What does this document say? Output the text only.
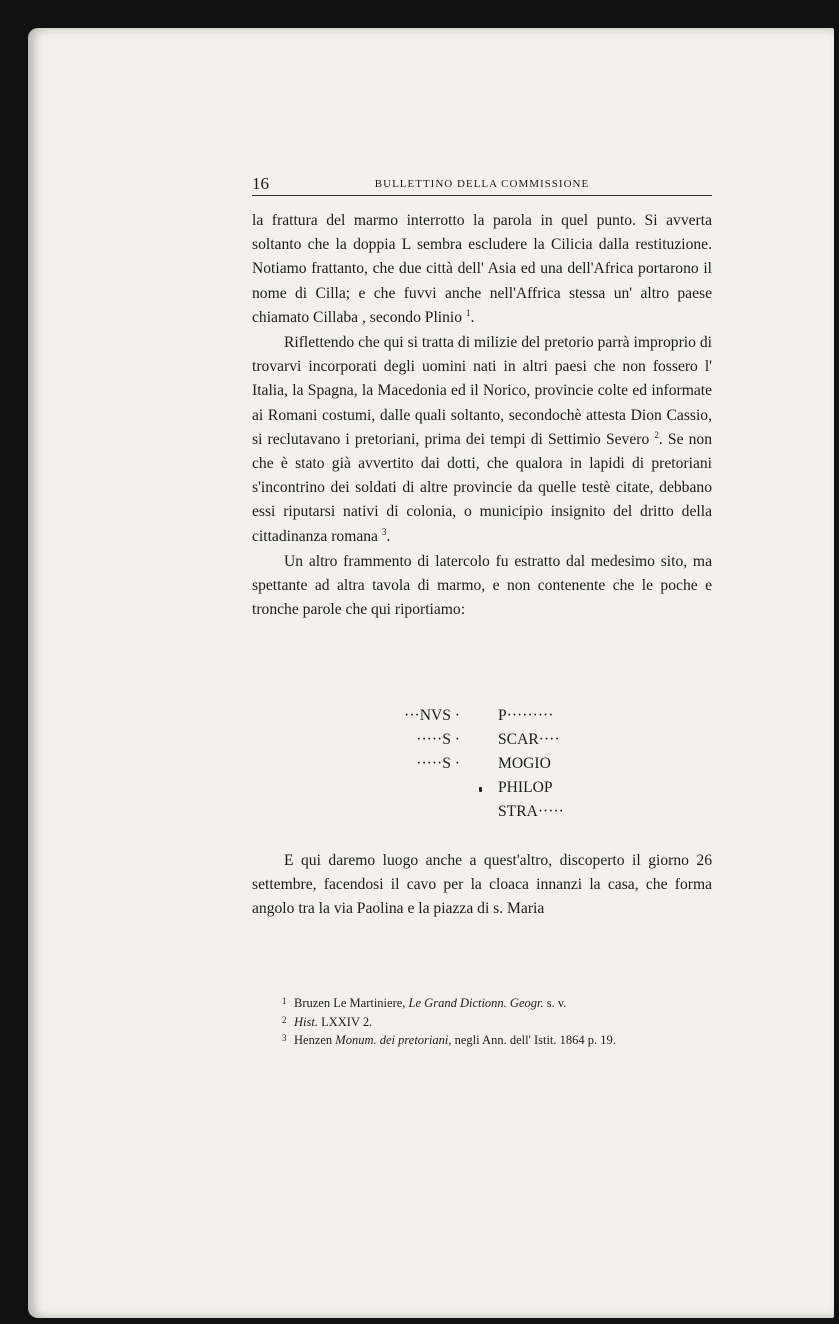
16	BULLETTINO DELLA COMMISSIONE

la frattura del marmo interrotto la parola in quel punto. Si avverta soltanto che la doppia L sembra escludere la Cilicia dalla restituzione. Notiamo frattanto, che due città dell' Asia ed una dell'Africa portarono il nome di Cilla; e che fuvvi anche nell'Affrica stessa un' altro paese chiamato Cillaba , secondo Plinio $^1$.

Riflettendo che qui si tratta di milizie del pretorio parrà improprio di trovarvi incorporati degli uomini nati in altri paesi che non fossero l' Italia, la Spagna, la Macedonia ed il Norico, provincie colte ed informate ai Romani costumi, dalle quali soltanto, secondochè attesta Dion Cassio, si reclutavano i pretoriani, prima dei tempi di Settimio Severo $^2$. Se non che è stato già avvertito dai dotti, che qualora in lapidi di pretoriani s'incontrino dei soldati di altre provincie da quelle testè citate, debbano essi riputarsi nativi di colonia, o municipio insignito del dritto della cittadinanza romana $^3$.

Un altro frammento di latercolo fu estratto dal medesimo sito, ma spettante ad altra tavola di marmo, e non contenente che le poche e tronche parole che qui riportiamo:

···NVS ·
·····S ·
·····S ·
P·········
SCAR····
MOGIO
PHILOP
STRA·····

E qui daremo luogo anche a quest'altro, discoperto il giorno 26 settembre, facendosi il cavo per la cloaca innanzi la casa, che forma angolo tra la via Paolina e la piazza di s. Maria

1 Bruzen Le Martiniere, Le Grand Dictionn. Geogr. s. v.
2 Hist. LXXIV 2.
3 Henzen Monum. dei pretoriani, negli Ann. dell' Istit. 1864 p. 19.
